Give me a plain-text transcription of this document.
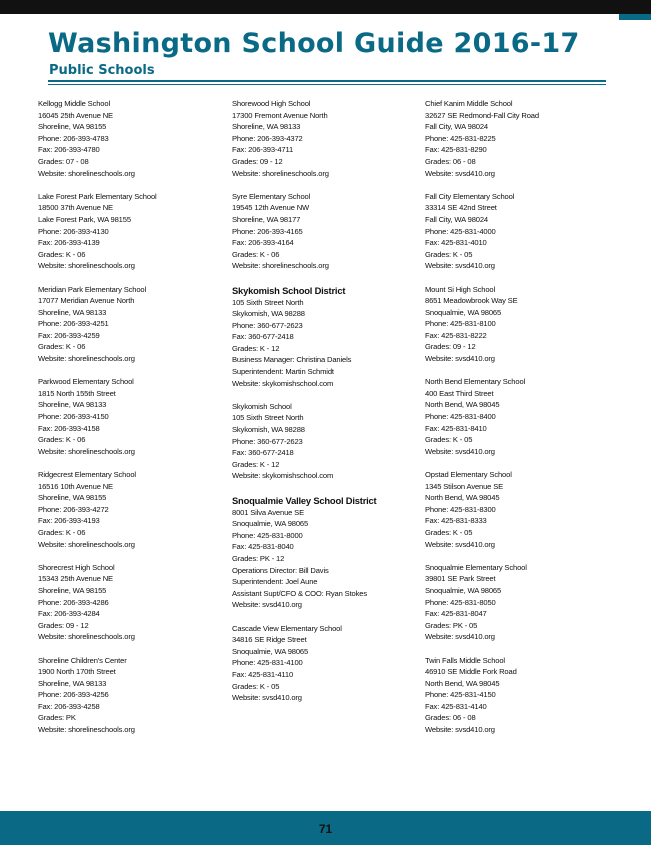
Washington School Guide 2016-17
Public Schools
Kellogg Middle School
16045 25th Avenue NE
Shoreline, WA 98155
Phone: 206-393-4783
Fax: 206-393-4780
Grades: 07 - 08
Website: shorelineschools.org
Lake Forest Park Elementary School
18500 37th Avenue NE
Lake Forest Park, WA 98155
Phone: 206-393-4130
Fax: 206-393-4139
Grades: K - 06
Website: shorelineschools.org
Meridian Park Elementary School
17077 Meridian Avenue North
Shoreline, WA 98133
Phone: 206-393-4251
Fax: 206-393-4259
Grades: K - 06
Website: shorelineschools.org
Parkwood Elementary School
1815 North 155th Street
Shoreline, WA 98133
Phone: 206-393-4150
Fax: 206-393-4158
Grades: K - 06
Website: shorelineschools.org
Ridgecrest Elementary School
16516 10th Avenue NE
Shoreline, WA 98155
Phone: 206-393-4272
Fax: 206-393-4193
Grades: K - 06
Website: shorelineschools.org
Shorecrest High School
15343 25th Avenue NE
Shoreline, WA 98155
Phone: 206-393-4286
Fax: 206-393-4284
Grades: 09 - 12
Website: shorelineschools.org
Shoreline Children's Center
1900 North 170th Street
Shoreline, WA 98133
Phone: 206-393-4256
Fax: 206-393-4258
Grades: PK
Website: shorelineschools.org
Shorewood High School
17300 Fremont Avenue North
Shoreline, WA 98133
Phone: 206-393-4372
Fax: 206-393-4711
Grades: 09 - 12
Website: shorelineschools.org
Syre Elementary School
19545 12th Avenue NW
Shoreline, WA 98177
Phone: 206-393-4165
Fax: 206-393-4164
Grades: K - 06
Website: shorelineschools.org
Skykomish School District
105 Sixth Street North
Skykomish, WA 98288
Phone: 360-677-2623
Fax: 360-677-2418
Grades: K - 12
Business Manager: Christina Daniels
Superintendent: Martin Schmidt
Website: skykomishschool.com
Skykomish School
105 Sixth Street North
Skykomish, WA 98288
Phone: 360-677-2623
Fax: 360-677-2418
Grades: K - 12
Website: skykomishschool.com
Snoqualmie Valley School District
8001 Silva Avenue SE
Snoqualmie, WA 98065
Phone: 425-831-8000
Fax: 425-831-8040
Grades: PK - 12
Operations Director: Bill Davis
Superintendent: Joel Aune
Assistant Supt/CFO & COO: Ryan Stokes
Website: svsd410.org
Cascade View Elementary School
34816 SE Ridge Street
Snoqualmie, WA 98065
Phone: 425-831-4100
Fax: 425-831-4110
Grades: K - 05
Website: svsd410.org
Chief Kanim Middle School
32627 SE Redmond-Fall City Road
Fall City, WA 98024
Phone: 425-831-8225
Fax: 425-831-8290
Grades: 06 - 08
Website: svsd410.org
Fall City Elementary School
33314 SE 42nd Street
Fall City, WA 98024
Phone: 425-831-4000
Fax: 425-831-4010
Grades: K - 05
Website: svsd410.org
Mount Si High School
8651 Meadowbrook Way SE
Snoqualmie, WA 98065
Phone: 425-831-8100
Fax: 425-831-8222
Grades: 09 - 12
Website: svsd410.org
North Bend Elementary School
400 East Third Street
North Bend, WA 98045
Phone: 425-831-8400
Fax: 425-831-8410
Grades: K - 05
Website: svsd410.org
Opstad Elementary School
1345 Stilson Avenue SE
North Bend, WA 98045
Phone: 425-831-8300
Fax: 425-831-8333
Grades: K - 05
Website: svsd410.org
Snoqualmie Elementary School
39801 SE Park Street
Snoqualmie, WA 98065
Phone: 425-831-8050
Fax: 425-831-8047
Grades: PK - 05
Website: svsd410.org
Twin Falls Middle School
46910 SE Middle Fork Road
North Bend, WA 98045
Phone: 425-831-4150
Fax: 425-831-4140
Grades: 06 - 08
Website: svsd410.org
71
